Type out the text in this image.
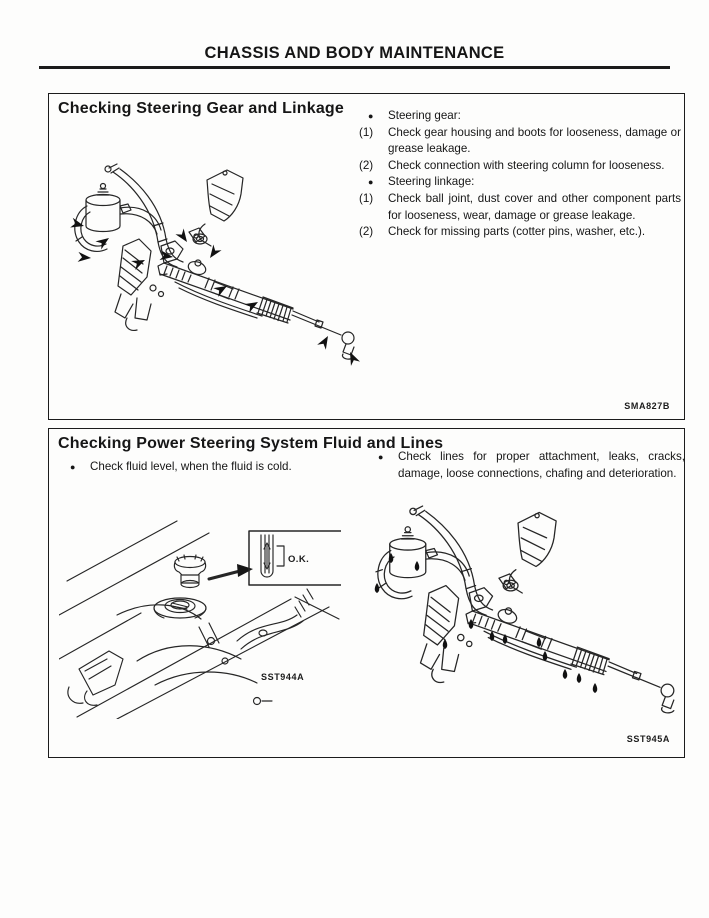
CHASSIS AND BODY MAINTENANCE
Checking Steering Gear and Linkage	●	Steering gear:
(1)	Check gear housing and boots for looseness, damage or grease leakage.
(2)	Check connection with steering column for looseness.
●	Steering linkage:
(1)	Check ball joint, dust cover and other component parts for looseness, wear, damage or grease leakage.
(2)	Check for missing parts (cotter pins, washer, etc.).
SMA827B
Checking Power Steering System Fluid and Lines
●	Check fluid level, when the fluid is cold.
●	Check lines for proper attachment, leaks, cracks, damage, loose connections, chafing and deterioration.
O.K.
SST944A
SST945A
